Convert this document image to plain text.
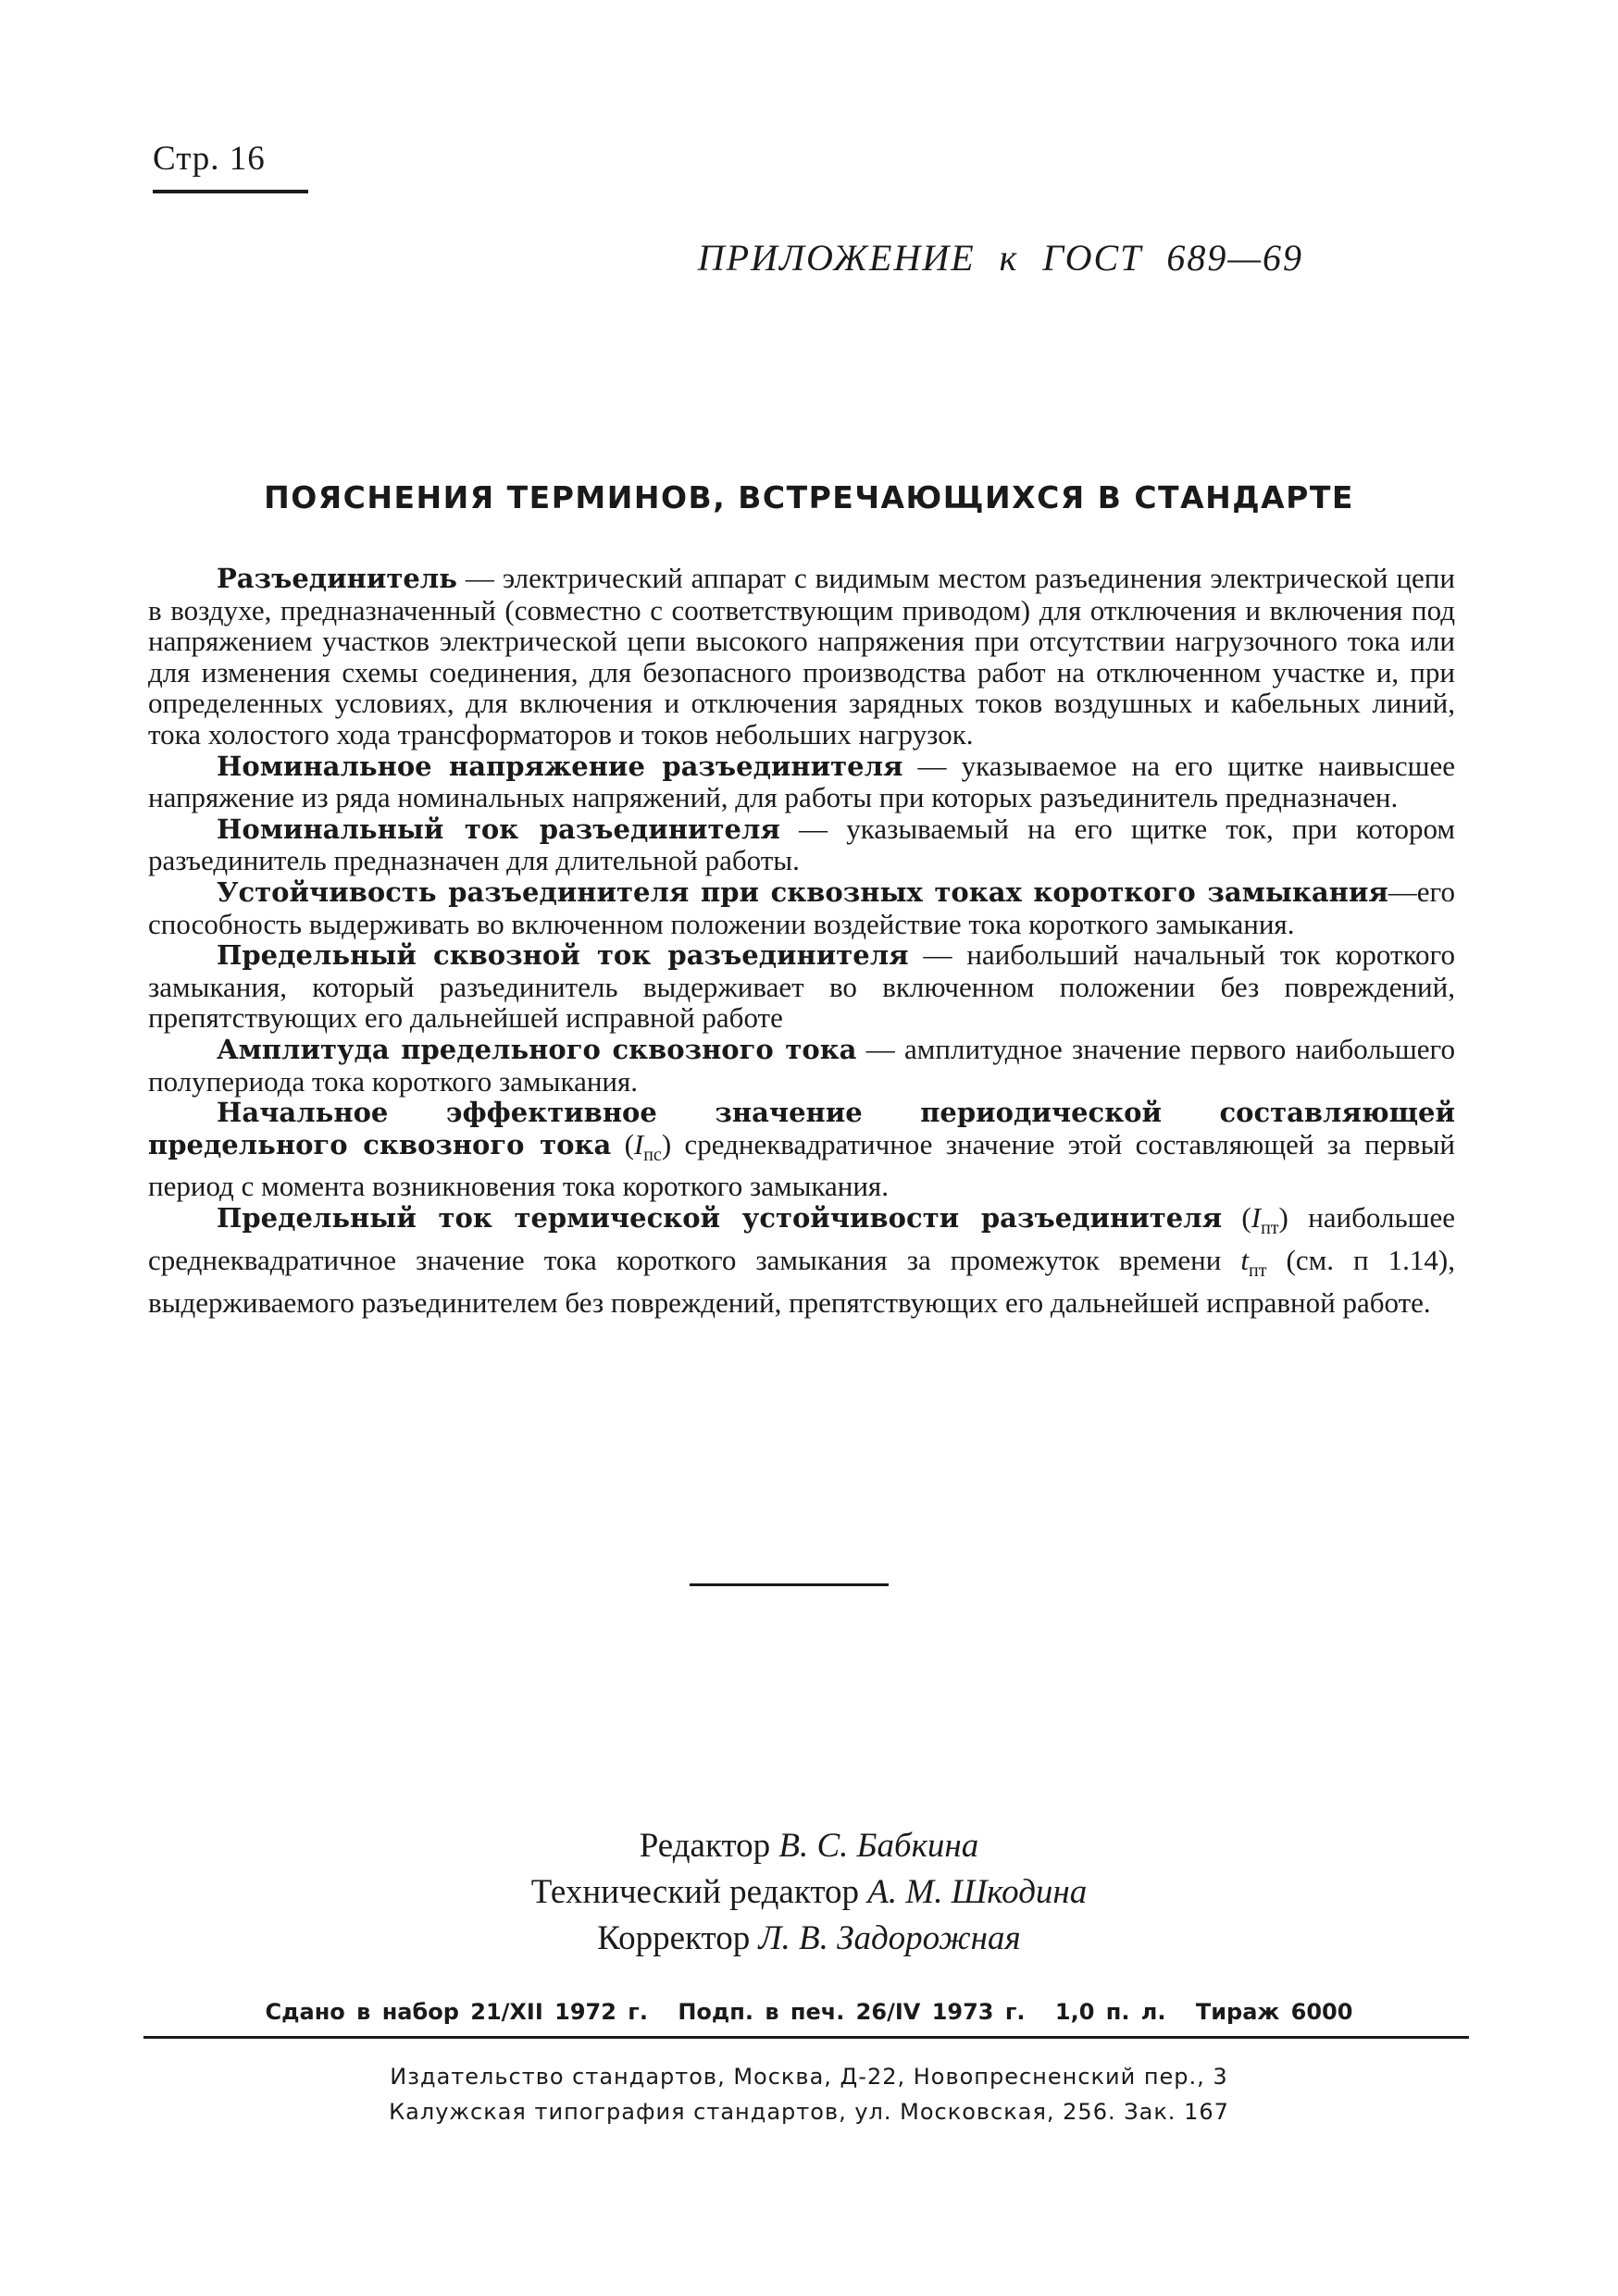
Стр. 16
ПРИЛОЖЕНИЕ к ГОСТ 689—69
ПОЯСНЕНИЯ ТЕРМИНОВ, ВСТРЕЧАЮЩИХСЯ В СТАНДАРТЕ

Разъединитель — электрический аппарат с видимым местом разъединения электрической цепи в воздухе, предназначенный (совместно с соответствующим приводом) для отключения и включения под напряжением участков электрической цепи высокого напряжения при отсутствии нагрузочного тока или для изменения схемы соединения, для безопасного производства работ на отключенном участке и, при определенных условиях, для включения и отключения зарядных токов воздушных и кабельных линий, тока холостого хода трансформаторов и токов небольших нагрузок.

Номинальное напряжение разъединителя — указываемое на его щитке наивысшее напряжение из ряда номинальных напряжений, для работы при которых разъединитель предназначен.

Номинальный ток разъединителя — указываемый на его щитке ток, при котором разъединитель предназначен для длительной работы.

Устойчивость разъединителя при сквозных токах короткого замыкания—его способность выдерживать во включенном положении воздействие тока короткого замыкания.

Предельный сквозной ток разъединителя — наибольший начальный ток короткого замыкания, который разъединитель выдерживает во включенном положении без повреждений, препятствующих его дальнейшей исправной работе

Амплитуда предельного сквозного тока — амплитудное значение первого наибольшего полупериода тока короткого замыкания.

Начальное эффективное значение периодической составляющей предельного сквозного тока $(I_{пс})$ среднеквадратичное значение этой составляющей за первый период с момента возникновения тока короткого замыкания.

Предельный ток термической устойчивости разъединителя $(I_{пт})$ наибольшее среднеквадратичное значение тока короткого замыкания за промежуток времени $t_{пт}$ (см. п 1.14), выдерживаемого разъединителем без повреждений, препятствующих его дальнейшей исправной работе.

Редактор В. С. Бабкина
Технический редактор А. М. Шкодина
Корректор Л. В. Задорожная
Сдано в набор 21/XII 1972 г. Подп. в печ. 26/IV 1973 г. 1,0 п. л. Тираж 6000
Издательство стандартов, Москва, Д-22, Новопресненский пер., 3
Калужская типография стандартов, ул. Московская, 256. Зак. 167
